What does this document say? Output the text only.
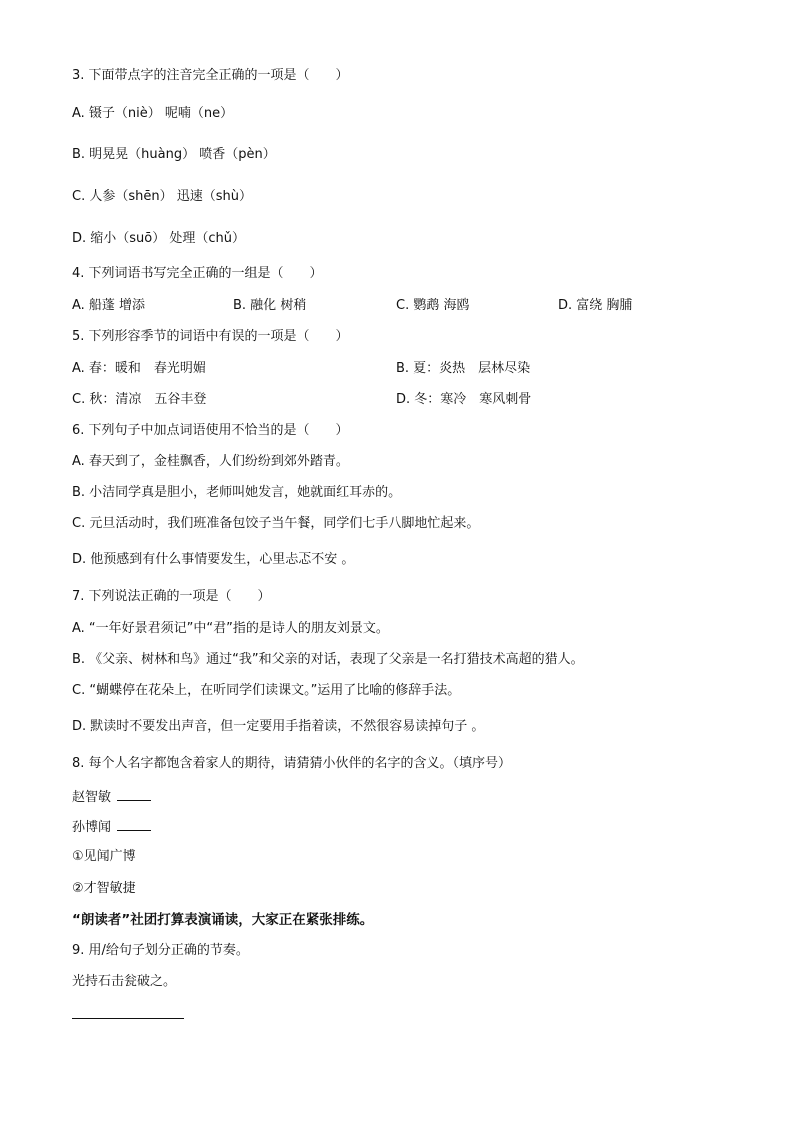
3. 下面带点字的注音完全正确的一项是（　　）
A. 镊子（niè） 呢喃（ne）
B. 明晃晃（huàng） 喷香（pèn）
C. 人参（shēn） 迅速（shù）
D. 缩小（suō） 处理（chǔ）
4. 下列词语书写完全正确的一组是（　　）
A. 船蓬 增添	B. 融化 树稍	C. 鹦鹉 海鸥	D. 富绕 胸脯
5. 下列形容季节的词语中有误的一项是（　　）
A. 春：暖和　春光明媚	B. 夏：炎热　层林尽染
C. 秋：清凉　五谷丰登	D. 冬：寒冷　寒风刺骨
6. 下列句子中加点词语使用不恰当的是（　　）
A. 春天到了，金桂飘香，人们纷纷到郊外踏青。
B. 小洁同学真是胆小，老师叫她发言，她就面红耳赤的。
C. 元旦活动时，我们班准备包饺子当午餐，同学们七手八脚地忙起来。
D. 他预感到有什么事情要发生，心里忐忑不安 。
7. 下列说法正确的一项是（　　）
A. “一年好景君须记”中“君”指的是诗人的朋友刘景文。
B. 《父亲、树林和鸟》通过“我”和父亲的对话，表现了父亲是一名打猎技术高超的猎人。
C. “蝴蝶停在花朵上，在听同学们读课文。”运用了比喻的修辞手法。
D. 默读时不要发出声音，但一定要用手指着读，不然很容易读掉句子 。
8. 每个人名字都饱含着家人的期待，请猜猜小伙伴的名字的含义。（填序号）
赵智敏
孙博闻
①见闻广博
②才智敏捷
“朗读者”社团打算表演诵读，大家正在紧张排练。
9. 用/给句子划分正确的节奏。
光持石击瓮破之。
